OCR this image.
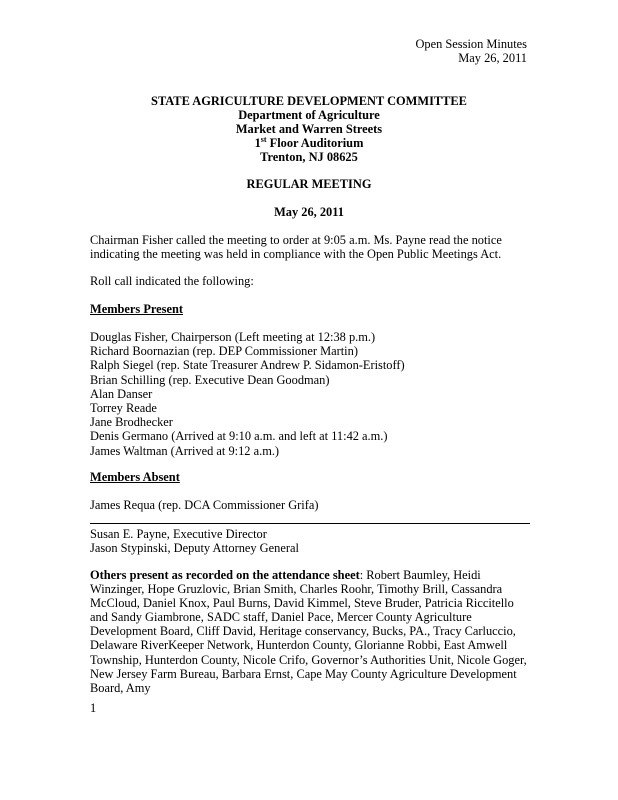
Open Session Minutes
May 26, 2011
STATE AGRICULTURE DEVELOPMENT COMMITTEE
Department of Agriculture
Market and Warren Streets
1st Floor Auditorium
Trenton, NJ 08625
REGULAR MEETING
May 26, 2011
Chairman Fisher called the meeting to order at 9:05 a.m. Ms. Payne read the notice indicating the meeting was held in compliance with the Open Public Meetings Act.
Roll call indicated the following:
Members Present
Douglas Fisher, Chairperson (Left meeting at 12:38 p.m.)
Richard Boornazian (rep. DEP Commissioner Martin)
Ralph Siegel (rep. State Treasurer Andrew P. Sidamon-Eristoff)
Brian Schilling (rep. Executive Dean Goodman)
Alan Danser
Torrey Reade
Jane Brodhecker
Denis Germano (Arrived at 9:10 a.m. and left at 11:42 a.m.)
James Waltman (Arrived at 9:12 a.m.)
Members Absent
James Requa (rep. DCA Commissioner Grifa)
Susan E. Payne, Executive Director
Jason Stypinski, Deputy Attorney General
Others present as recorded on the attendance sheet: Robert Baumley, Heidi Winzinger, Hope Gruzlovic, Brian Smith, Charles Roohr, Timothy Brill, Cassandra McCloud, Daniel Knox, Paul Burns, David Kimmel, Steve Bruder, Patricia Riccitello and Sandy Giambrone, SADC staff, Daniel Pace, Mercer County Agriculture Development Board, Cliff David, Heritage conservancy, Bucks, PA., Tracy Carluccio, Delaware RiverKeeper Network, Hunterdon County, Glorianne Robbi, East Amwell Township, Hunterdon County, Nicole Crifo, Governor’s Authorities Unit, Nicole Goger, New Jersey Farm Bureau, Barbara Ernst, Cape May County Agriculture Development Board, Amy
1
